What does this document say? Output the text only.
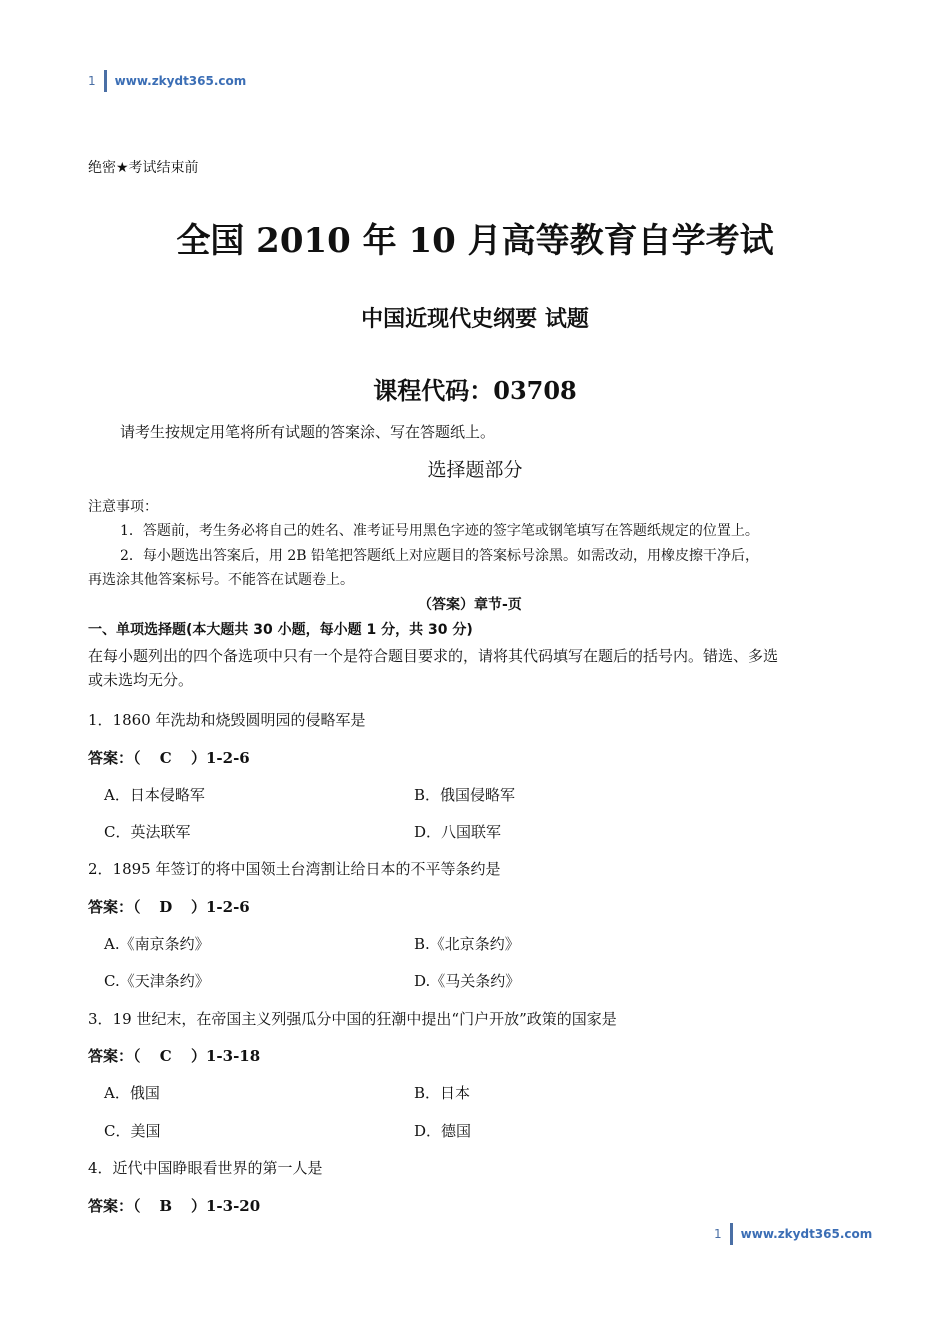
1 www.zkydt365.com
绝密★考试结束前
全国 2010 年 10 月高等教育自学考试
中国近现代史纲要 试题
课程代码：03708
请考生按规定用笔将所有试题的答案涂、写在答题纸上。
选择题部分
注意事项：
1．答题前，考生务必将自己的姓名、准考证号用黑色字迹的签字笔或钢笔填写在答题纸规定的位置上。
2．每小题选出答案后，用 2B 铅笔把答题纸上对应题目的答案标号涂黑。如需改动，用橡皮擦干净后，
再选涂其他答案标号。不能答在试题卷上。
（答案）章节-页
一、单项选择题(本大题共 30 小题，每小题 1 分，共 30 分)
在每小题列出的四个备选项中只有一个是符合题目要求的，请将其代码填写在题后的括号内。错选、多选
或未选均无分。
1．1860 年洗劫和烧毁圆明园的侵略军是
答案：（ C ）1-2-6
A．日本侵略军	B．俄国侵略军
C．英法联军	D．八国联军
2．1895 年签订的将中国领土台湾割让给日本的不平等条约是
答案：（ D ）1-2-6
A.《南京条约》	B.《北京条约》
C.《天津条约》	D.《马关条约》
3．19 世纪末，在帝国主义列强瓜分中国的狂潮中提出“门户开放”政策的国家是
答案：（ C ）1-3-18
A．俄国	B．日本
C．美国	D．德国
4．近代中国睁眼看世界的第一人是
答案：（ B ）1-3-20
1 www.zkydt365.com
